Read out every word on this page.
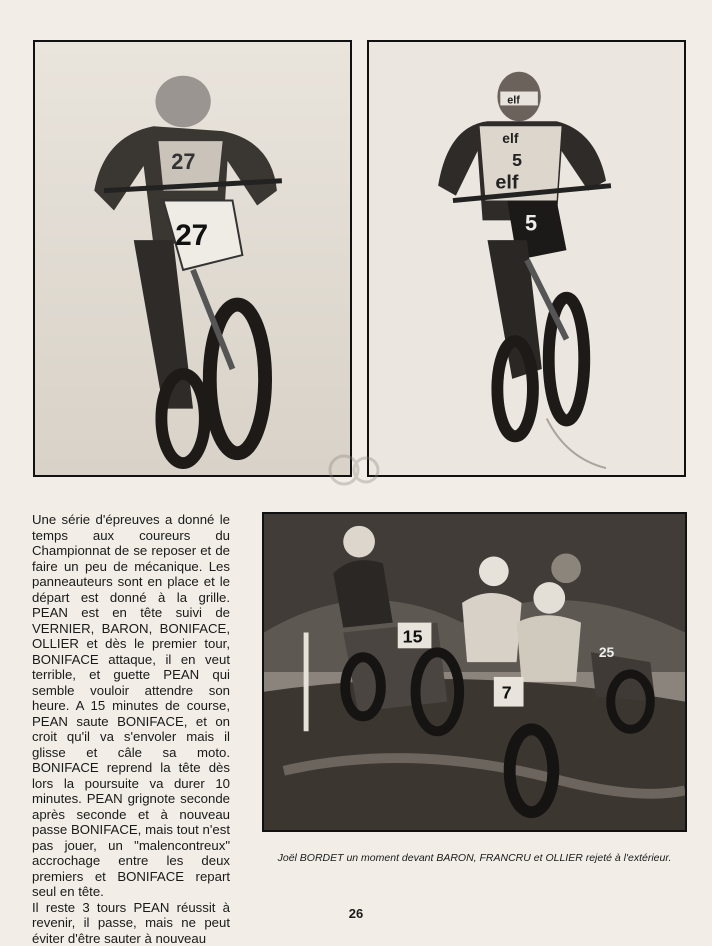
27
27
elf
elf
5
elf
5
15
7
25

Une série d'épreuves a donné le temps aux coureurs du Championnat de se reposer et de faire un peu de mécanique. Les panneauteurs sont en place et le départ est donné à la grille. PEAN est en tête suivi de VERNIER, BARON, BONIFACE, OLLIER et dès le premier tour, BONIFACE attaque, il en veut terrible, et guette PEAN qui semble vouloir attendre son heure. A 15 minutes de course, PEAN saute BONIFACE, et on croit qu'il va s'envoler mais il glisse et câle sa moto. BONIFACE reprend la tête dès lors la poursuite va durer 10 minutes. PEAN grignote seconde après seconde et à nouveau passe BONIFACE, mais tout n'est pas jouer, un "malencontreux" accrochage entre les deux premiers et BONIFACE repart seul en tête.

Il reste 3 tours PEAN réussit à revenir, il passe, mais ne peut éviter d'être sauter à nouveau

Joël BORDET un moment devant BARON, FRANCRU et OLLIER rejeté à l'extérieur.

26
